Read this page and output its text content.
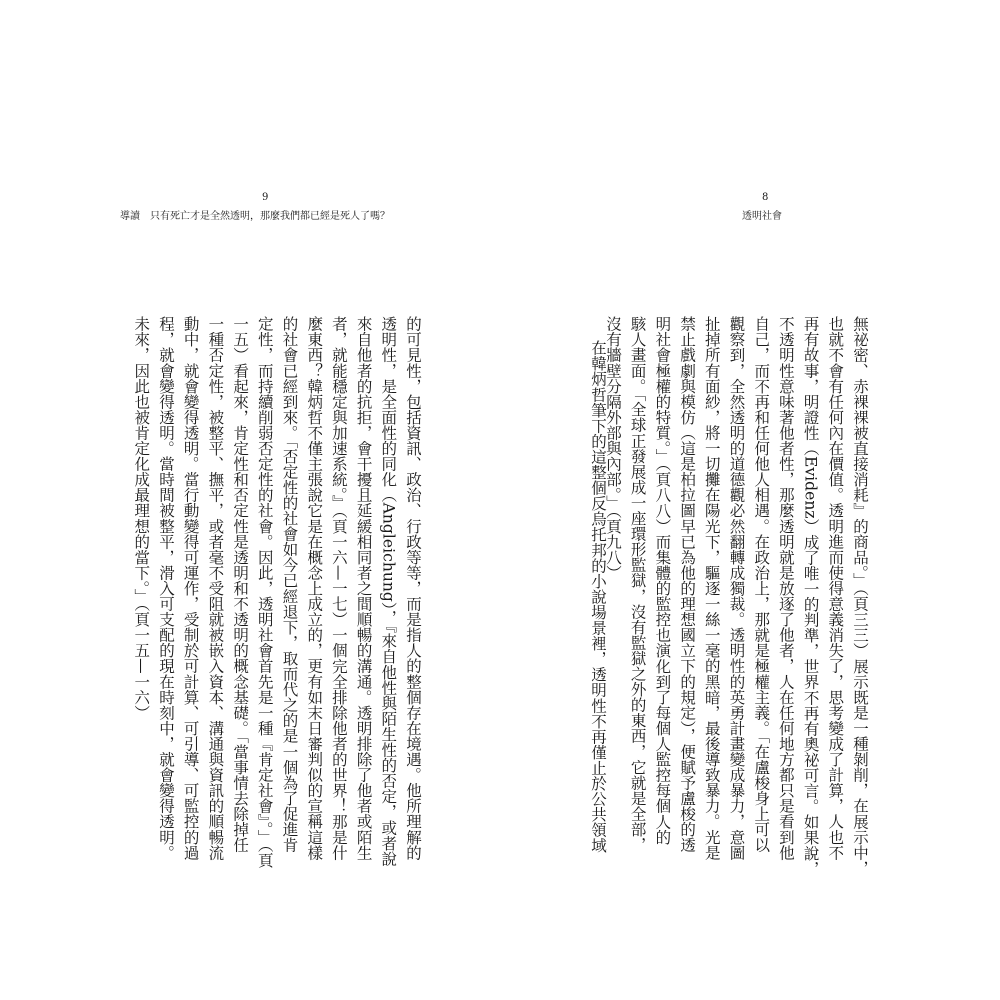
9
導讀　只有死亡才是全然透明，那麼我們都已經是死人了嗎？

的可見性，包括資訊、政治、行政等等，而是指人的整個存在境遇。他所理解的

透明性，是全面性的同化（Angleichung），『來自他性與陌生性的否定，或者說

來自他者的抗拒，會干擾且延緩相同者之間順暢的溝通。透明排除了他者或陌生

者，就能穩定與加速系統。』（頁一六—一七）一個完全排除他者的世界！那是什

麼東西？韓炳哲不僅主張說它是在概念上成立的，更有如末日審判似的宣稱這樣

的社會已經到來。「否定性的社會如今已經退下，取而代之的是一個為了促進肯

定性，而持續削弱否定性的社會。因此，透明社會首先是一種『肯定社會』。」（頁

一五）看起來，肯定性和否定性是透明和不透明的概念基礎。「當事情去除掉任

一種否定性，被整平、撫平，或者毫不受阻就被嵌入資本、溝通與資訊的順暢流

動中，就會變得透明。當行動變得可運作，受制於可計算、可引導、可監控的過

程，就會變得透明。當時間被整平，滑入可支配的現在時刻中，就會變得透明。

未來，因此也被肯定化成最理想的當下。」（頁一五—一六）

8
透明社會

無祕密、赤裸裸被直接消耗』的商品。」（頁三三）展示既是一種剝削，在展示中，

也就不會有任何內在價值。透明進而使得意義消失了，思考變成了計算，人也不

再有故事，明證性（Evidenz）成了唯一的判準，世界不再有奧祕可言。如果說，

不透明性意味著他者性，那麼透明就是放逐了他者，人在任何地方都只是看到他

自己，而不再和任何他人相遇。在政治上，那就是極權主義。「在盧梭身上可以

觀察到，全然透明的道德觀必然翻轉成獨裁。透明性的英勇計畫變成暴力，意圖

扯掉所有面紗，將一切攤在陽光下，驅逐一絲一毫的黑暗，最後導致暴力。光是

禁止戲劇與模仿（這是柏拉圖早已為他的理想國立下的規定），便賦予盧梭的透

明社會極權的特質。」（頁八八）而集體的監控也演化到了每個人監控每個人的

駭人畫面。「全球正發展成一座環形監獄，沒有監獄之外的東西，它就是全部，

沒有牆壁分隔外部與內部。」（頁九八）

在韓炳哲筆下的這整個反烏托邦的小說場景裡，透明性不再僅止於公共領域
